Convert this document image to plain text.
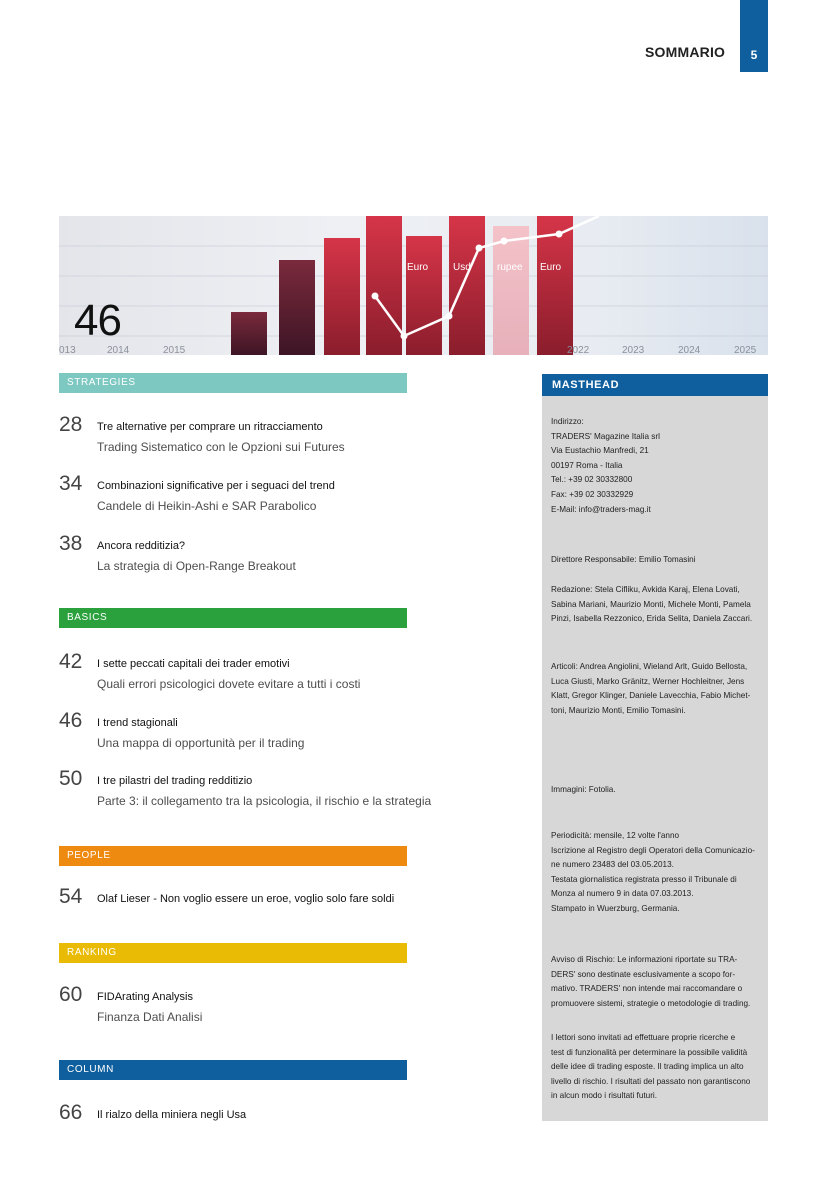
SOMMARIO	5
Euro Usd	rupee Euro
013	2014	2015	2022	2023	2024	2025
46
STRATEGIES
28 Tre alternative per comprare un ritracciamento
Trading Sistematico con le Opzioni sui Futures
34 Combinazioni significative per i seguaci del trend
Candele di Heikin-Ashi e SAR Parabolico
38 Ancora redditizia?
La strategia di Open-Range Breakout
BASICS
42 I sette peccati capitali dei trader emotivi
Quali errori psicologici dovete evitare a tutti i costi
46 I trend stagionali
Una mappa di opportunità per il trading
50 I tre pilastri del trading redditizio
Parte 3: il collegamento tra la psicologia, il rischio e la strategia
PEOPLE
54 Olaf Lieser - Non voglio essere un eroe, voglio solo fare soldi
RANKING
60 FIDArating Analysis
Finanza Dati Analisi
COLUMN
66 Il rialzo della miniera negli Usa
MASTHEAD
Indirizzo:
TRADERS' Magazine Italia srl
Via Eustachio Manfredi, 21
00197 Roma - Italia
Tel.: +39 02 30332800
Fax: +39 02 30332929
E-Mail: info@traders-mag.it
Direttore Responsabile: Emilio Tomasini
Redazione: Stela Cifliku, Avkida Karaj, Elena Lovati,
Sabina Mariani, Maurizio Monti, Michele Monti, Pamela
Pinzi, Isabella Rezzonico, Erida Selita, Daniela Zaccari.
Articoli: Andrea Angiolini, Wieland Arlt, Guido Bellosta,
Luca Giusti, Marko Gränitz, Werner Hochleitner, Jens
Klatt, Gregor Klinger, Daniele Lavecchia, Fabio Michet-
toni, Maurizio Monti, Emilio Tomasini.
Immagini: Fotolia.
Periodicità: mensile, 12 volte l'anno
Iscrizione al Registro degli Operatori della Comunicazio-
ne numero 23483 del 03.05.2013.
Testata giornalistica registrata presso il Tribunale di
Monza al numero 9 in data 07.03.2013.
Stampato in Wuerzburg, Germania.
Avviso di Rischio: Le informazioni riportate su TRA-
DERS' sono destinate esclusivamente a scopo for-
mativo. TRADERS' non intende mai raccomandare o
promuovere sistemi, strategie o metodologie di trading.
I lettori sono invitati ad effettuare proprie ricerche e
test di funzionalità per determinare la possibile validità
delle idee di trading esposte. Il trading implica un alto
livello di rischio. I risultati del passato non garantiscono
in alcun modo i risultati futuri.
